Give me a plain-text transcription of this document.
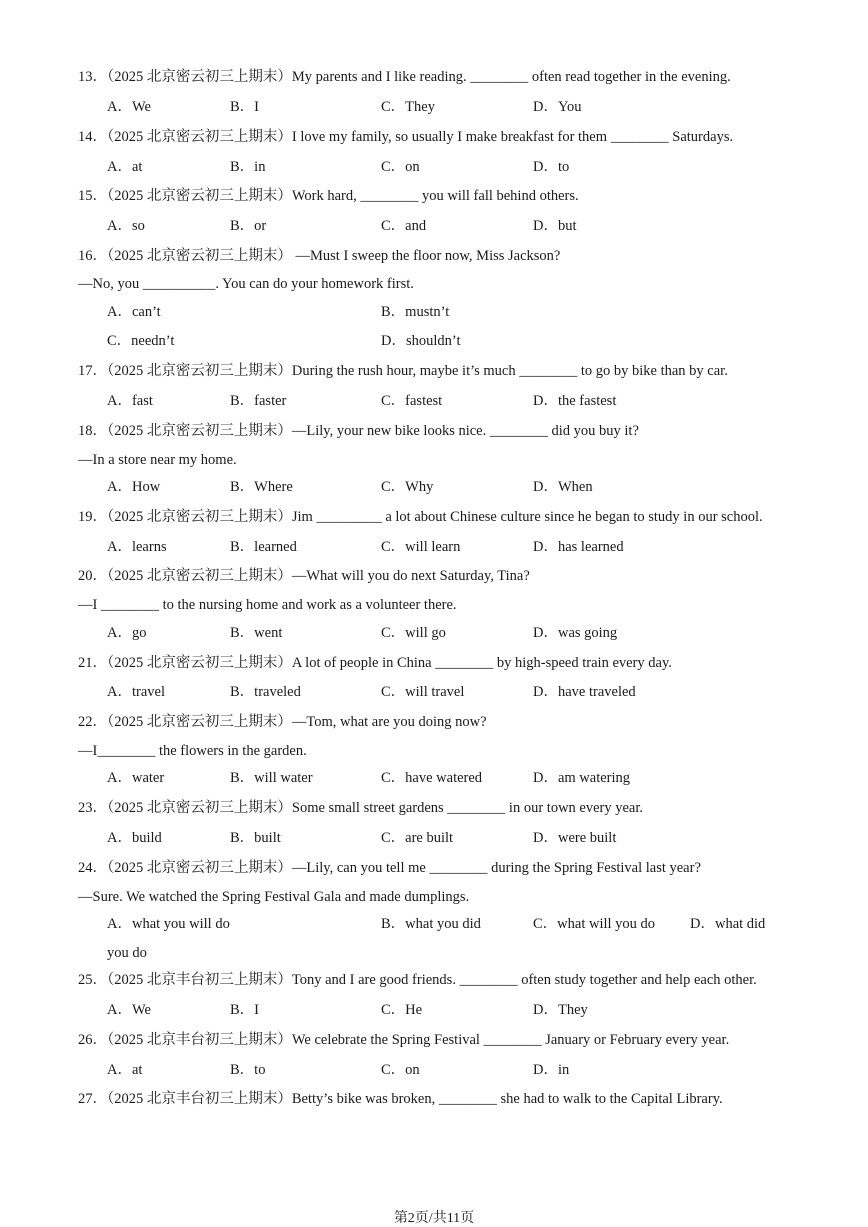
13．（2025 北京密云初三上期末）My parents and I like reading. ________ often read together in the evening.
A．We	B．I	C．They	D．You
14．（2025 北京密云初三上期末）I love my family, so usually I make breakfast for them ________ Saturdays.
A．at	B．in	C．on	D．to
15．（2025 北京密云初三上期末）Work hard, ________ you will fall behind others.
A．so	B．or	C．and	D．but
16．（2025 北京密云初三上期末） —Must I sweep the floor now, Miss Jackson?
—No, you __________. You can do your homework first.
A．can’t	B．mustn’t
C．needn’t	D．shouldn’t
17．（2025 北京密云初三上期末）During the rush hour, maybe it’s much ________ to go by bike than by car.
A．fast	B．faster	C．fastest	D．the fastest
18．（2025 北京密云初三上期末）—Lily, your new bike looks nice. ________ did you buy it?
—In a store near my home.
A．How	B．Where	C．Why	D．When
19．（2025 北京密云初三上期末）Jim _________ a lot about Chinese culture since he began to study in our school.
A．learns	B．learned	C．will learn	D．has learned
20．（2025 北京密云初三上期末）—What will you do next Saturday, Tina?
—I ________ to the nursing home and work as a volunteer there.
A．go	B．went	C．will go	D．was going
21．（2025 北京密云初三上期末）A lot of people in China ________ by high-speed train every day.
A．travel	B．traveled	C．will travel	D．have traveled
22．（2025 北京密云初三上期末）—Tom, what are you doing now?
—I________ the flowers in the garden.
A．water	B．will water	C．have watered	D．am watering
23．（2025 北京密云初三上期末）Some small street gardens ________ in our town every year.
A．build	B．built	C．are built	D．were built
24．（2025 北京密云初三上期末）—Lily, can you tell me ________ during the Spring Festival last year?
—Sure. We watched the Spring Festival Gala and made dumplings.
A．what you will do	B．what you did	C．what will you do D．what did
you do
25．（2025 北京丰台初三上期末）Tony and I are good friends. ________ often study together and help each other.
A．We	B．I	C．He	D．They
26．（2025 北京丰台初三上期末）We celebrate the Spring Festival ________ January or February every year.
A．at	B．to	C．on	D．in
27．（2025 北京丰台初三上期末）Betty’s bike was broken, ________ she had to walk to the Capital Library.
第2页/共11页
